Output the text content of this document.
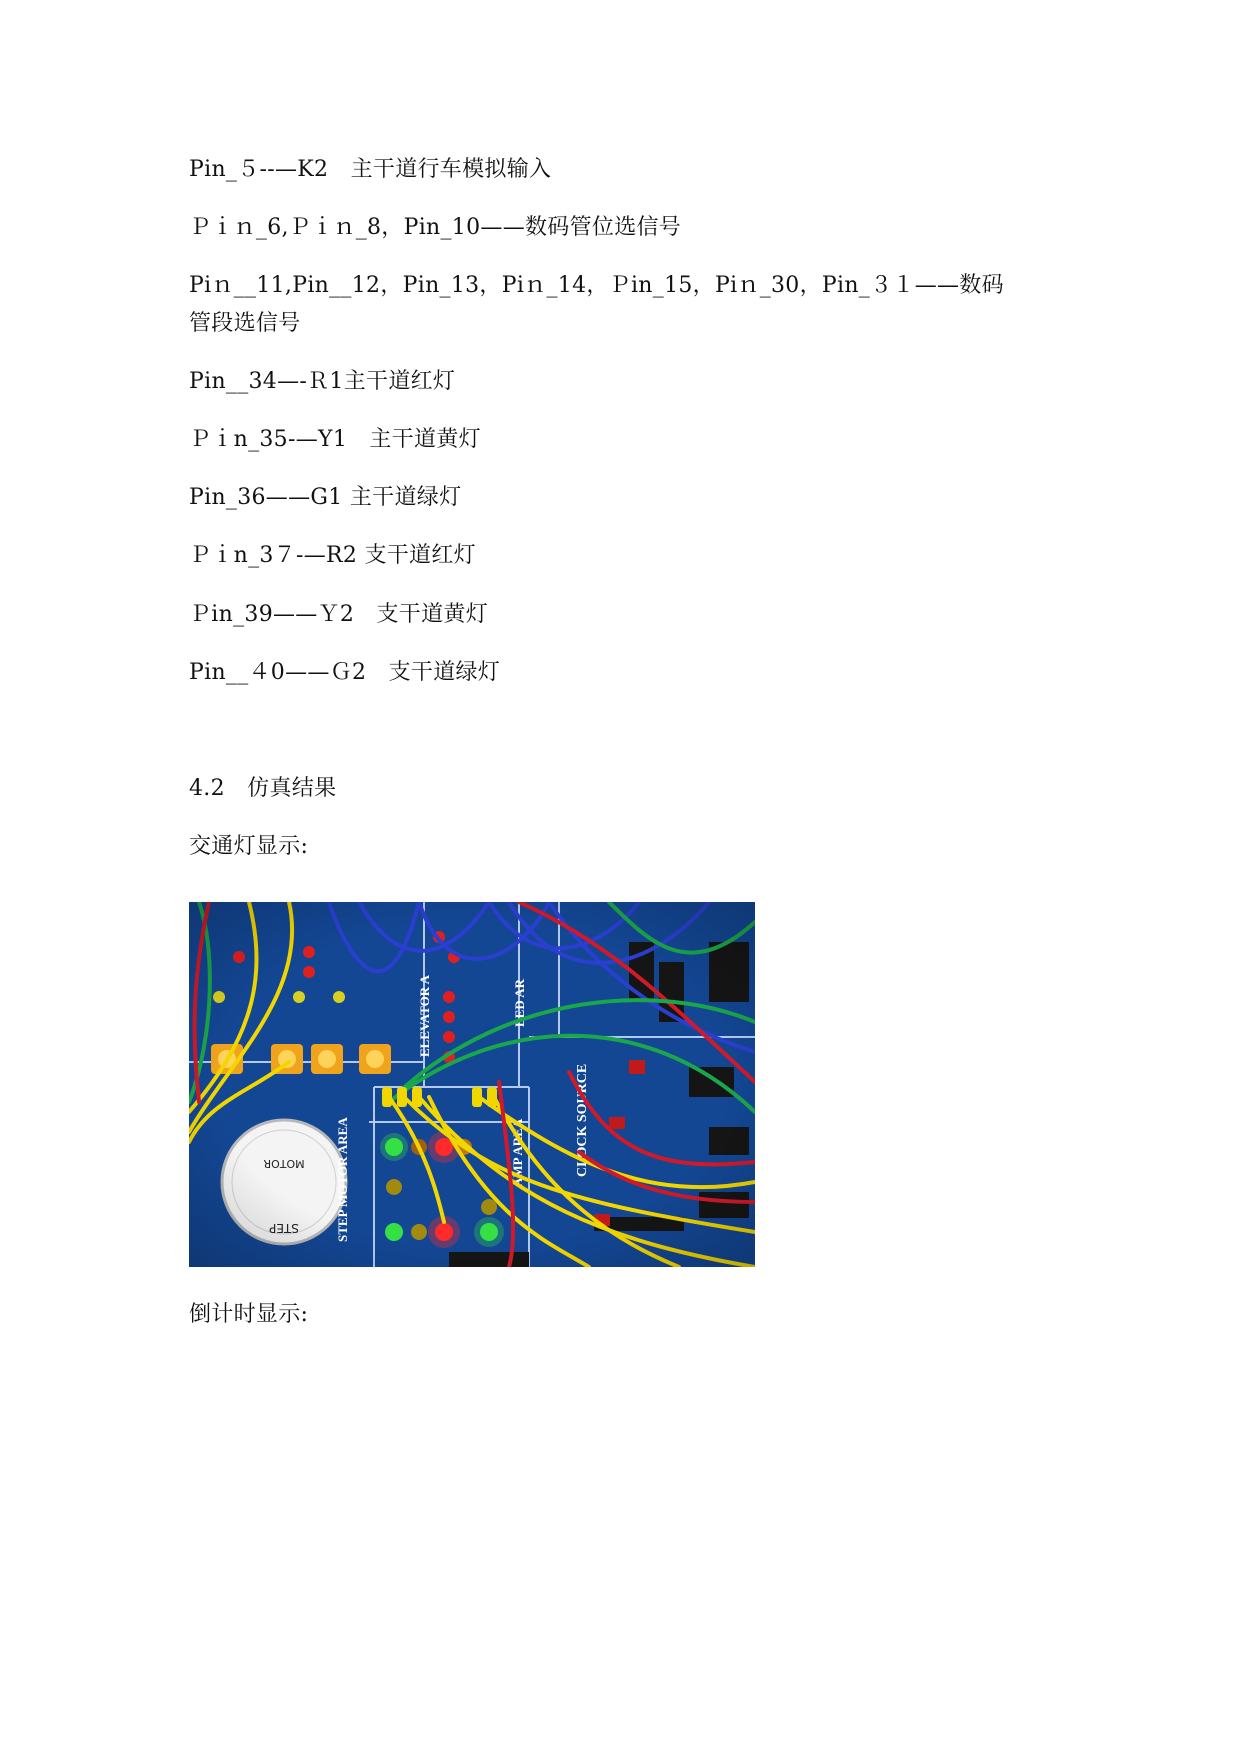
Pin_５--—K2　主干道行车模拟输入
Ｐｉｎ_6,Ｐｉｎ_8，Pin_10——数码管位选信号
Piｎ__11,Pin__12，Pin_13，Piｎ_14，Ｐin_15，Piｎ_30，Pin_３１——数码
管段选信号
Pin__34—-Ｒ1主干道红灯
Ｐｉn_35-—Y1　主干道黄灯
Pin_36——G1 主干道绿灯
Ｐｉn_3７-—R2 支干道红灯
Ｐin_39——Ｙ2　支干道黄灯
Pin__４0——Ｇ2　支干道绿灯
4.2　仿真结果
交通灯显示:
倒计时显示:
